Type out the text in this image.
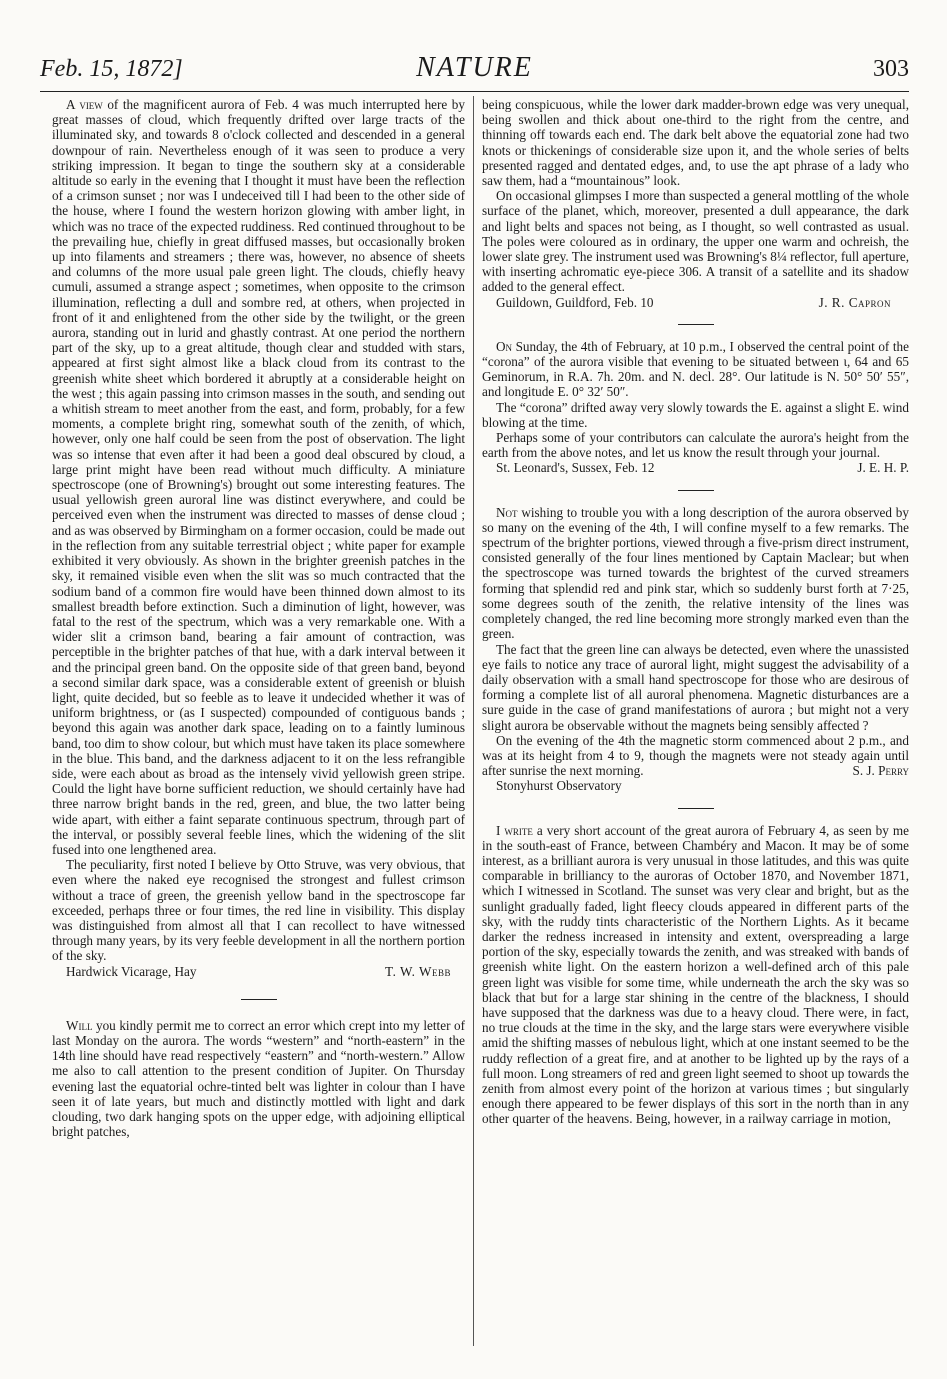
Feb. 15, 1872]	NATURE	303

A view of the magnificent aurora of Feb. 4 was much interrupted here by great masses of cloud, which frequently drifted over large tracts of the illuminated sky, and towards 8 o'clock collected and descended in a general downpour of rain. Nevertheless enough of it was seen to produce a very striking impression. It began to tinge the southern sky at a considerable altitude so early in the evening that I thought it must have been the reflection of a crimson sunset ; nor was I undeceived till I had been to the other side of the house, where I found the western horizon glowing with amber light, in which was no trace of the expected ruddiness. Red continued throughout to be the prevailing hue, chiefly in great diffused masses, but occasionally broken up into filaments and streamers ; there was, however, no absence of sheets and columns of the more usual pale green light. The clouds, chiefly heavy cumuli, assumed a strange aspect ; sometimes, when opposite to the crimson illumination, reflecting a dull and sombre red, at others, when projected in front of it and enlightened from the other side by the twilight, or the green aurora, standing out in lurid and ghastly contrast. At one period the northern part of the sky, up to a great altitude, though clear and studded with stars, appeared at first sight almost like a black cloud from its contrast to the greenish white sheet which bordered it abruptly at a considerable height on the west ; this again passing into crimson masses in the south, and sending out a whitish stream to meet another from the east, and form, probably, for a few moments, a complete bright ring, somewhat south of the zenith, of which, however, only one half could be seen from the post of observation. The light was so intense that even after it had been a good deal obscured by cloud, a large print might have been read without much difficulty. A miniature spectroscope (one of Browning's) brought out some interesting features. The usual yellowish green auroral line was distinct everywhere, and could be perceived even when the instrument was directed to masses of dense cloud ; and as was observed by Birmingham on a former occasion, could be made out in the reflection from any suitable terrestrial object ; white paper for example exhibited it very obviously. As shown in the brighter greenish patches in the sky, it remained visible even when the slit was so much contracted that the sodium band of a common fire would have been thinned down almost to its smallest breadth before extinction. Such a diminution of light, however, was fatal to the rest of the spectrum, which was a very remarkable one. With a wider slit a crimson band, bearing a fair amount of contraction, was perceptible in the brighter patches of that hue, with a dark interval between it and the principal green band. On the opposite side of that green band, beyond a second similar dark space, was a considerable extent of greenish or bluish light, quite decided, but so feeble as to leave it undecided whether it was of uniform brightness, or (as I suspected) compounded of contiguous bands ; beyond this again was another dark space, leading on to a faintly luminous band, too dim to show colour, but which must have taken its place somewhere in the blue. This band, and the darkness adjacent to it on the less refrangible side, were each about as broad as the intensely vivid yellowish green stripe. Could the light have borne sufficient reduction, we should certainly have had three narrow bright bands in the red, green, and blue, the two latter being wide apart, with either a faint separate continuous spectrum, through part of the interval, or possibly several feeble lines, which the widening of the slit fused into one lengthened area.

The peculiarity, first noted I believe by Otto Struve, was very obvious, that even where the naked eye recognised the strongest and fullest crimson without a trace of green, the greenish yellow band in the spectroscope far exceeded, perhaps three or four times, the red line in visibility. This display was distinguished from almost all that I can recollect to have witnessed through many years, by its very feeble development in all the northern portion of the sky.

Hardwick Vicarage, Hay	T. W. Webb

Will you kindly permit me to correct an error which crept into my letter of last Monday on the aurora. The words “western” and “north-eastern” in the 14th line should have read respectively “eastern” and “north-western.” Allow me also to call attention to the present condition of Jupiter. On Thursday evening last the equatorial ochre-tinted belt was lighter in colour than I have seen it of late years, but much and distinctly mottled with light and dark clouding, two dark hanging spots on the upper edge, with adjoining elliptical bright patches,

being conspicuous, while the lower dark madder-brown edge was very unequal, being swollen and thick about one-third to the right from the centre, and thinning off towards each end. The dark belt above the equatorial zone had two knots or thickenings of considerable size upon it, and the whole series of belts presented ragged and dentated edges, and, to use the apt phrase of a lady who saw them, had a “mountainous” look.

On occasional glimpses I more than suspected a general mottling of the whole surface of the planet, which, moreover, presented a dull appearance, the dark and light belts and spaces not being, as I thought, so well contrasted as usual. The poles were coloured as in ordinary, the upper one warm and ochreish, the lower slate grey. The instrument used was Browning's 8¼ reflector, full aperture, with inserting achromatic eye-piece 306. A transit of a satellite and its shadow added to the general effect.

Guildown, Guildford, Feb. 10	J. R. Capron

On Sunday, the 4th of February, at 10 p.m., I observed the central point of the “corona” of the aurora visible that evening to be situated between ι, 64 and 65 Geminorum, in R.A. 7h. 20m. and N. decl. 28°. Our latitude is N. 50° 50′ 55″, and longitude E. 0° 32′ 50″.

The “corona” drifted away very slowly towards the E. against a slight E. wind blowing at the time.

Perhaps some of your contributors can calculate the aurora's height from the earth from the above notes, and let us know the result through your journal.
J. E. H. P.

St. Leonard's, Sussex, Feb. 12

Not wishing to trouble you with a long description of the aurora observed by so many on the evening of the 4th, I will confine myself to a few remarks. The spectrum of the brighter portions, viewed through a five-prism direct instrument, consisted generally of the four lines mentioned by Captain Maclear; but when the spectroscope was turned towards the brightest of the curved streamers forming that splendid red and pink star, which so suddenly burst forth at 7·25, some degrees south of the zenith, the relative intensity of the lines was completely changed, the red line becoming more strongly marked even than the green.

The fact that the green line can always be detected, even where the unassisted eye fails to notice any trace of auroral light, might suggest the advisability of a daily observation with a small hand spectroscope for those who are desirous of forming a complete list of all auroral phenomena. Magnetic disturbances are a sure guide in the case of grand manifestations of aurora ; but might not a very slight aurora be observable without the magnets being sensibly affected ?

On the evening of the 4th the magnetic storm commenced about 2 p.m., and was at its height from 4 to 9, though the magnets were not steady again until after sunrise the next morning.	S. J. Perry

Stonyhurst Observatory

I write a very short account of the great aurora of February 4, as seen by me in the south-east of France, between Chambéry and Macon. It may be of some interest, as a brilliant aurora is very unusual in those latitudes, and this was quite comparable in brilliancy to the auroras of October 1870, and November 1871, which I witnessed in Scotland. The sunset was very clear and bright, but as the sunlight gradually faded, light fleecy clouds appeared in different parts of the sky, with the ruddy tints characteristic of the Northern Lights. As it became darker the redness increased in intensity and extent, overspreading a large portion of the sky, especially towards the zenith, and was streaked with bands of greenish white light. On the eastern horizon a well-defined arch of this pale green light was visible for some time, while underneath the arch the sky was so black that but for a large star shining in the centre of the blackness, I should have supposed that the darkness was due to a heavy cloud. There were, in fact, no true clouds at the time in the sky, and the large stars were everywhere visible amid the shifting masses of nebulous light, which at one instant seemed to be the ruddy reflection of a great fire, and at another to be lighted up by the rays of a full moon. Long streamers of red and green light seemed to shoot up towards the zenith from almost every point of the horizon at various times ; but singularly enough there appeared to be fewer displays of this sort in the north than in any other quarter of the heavens. Being, however, in a railway carriage in motion,
